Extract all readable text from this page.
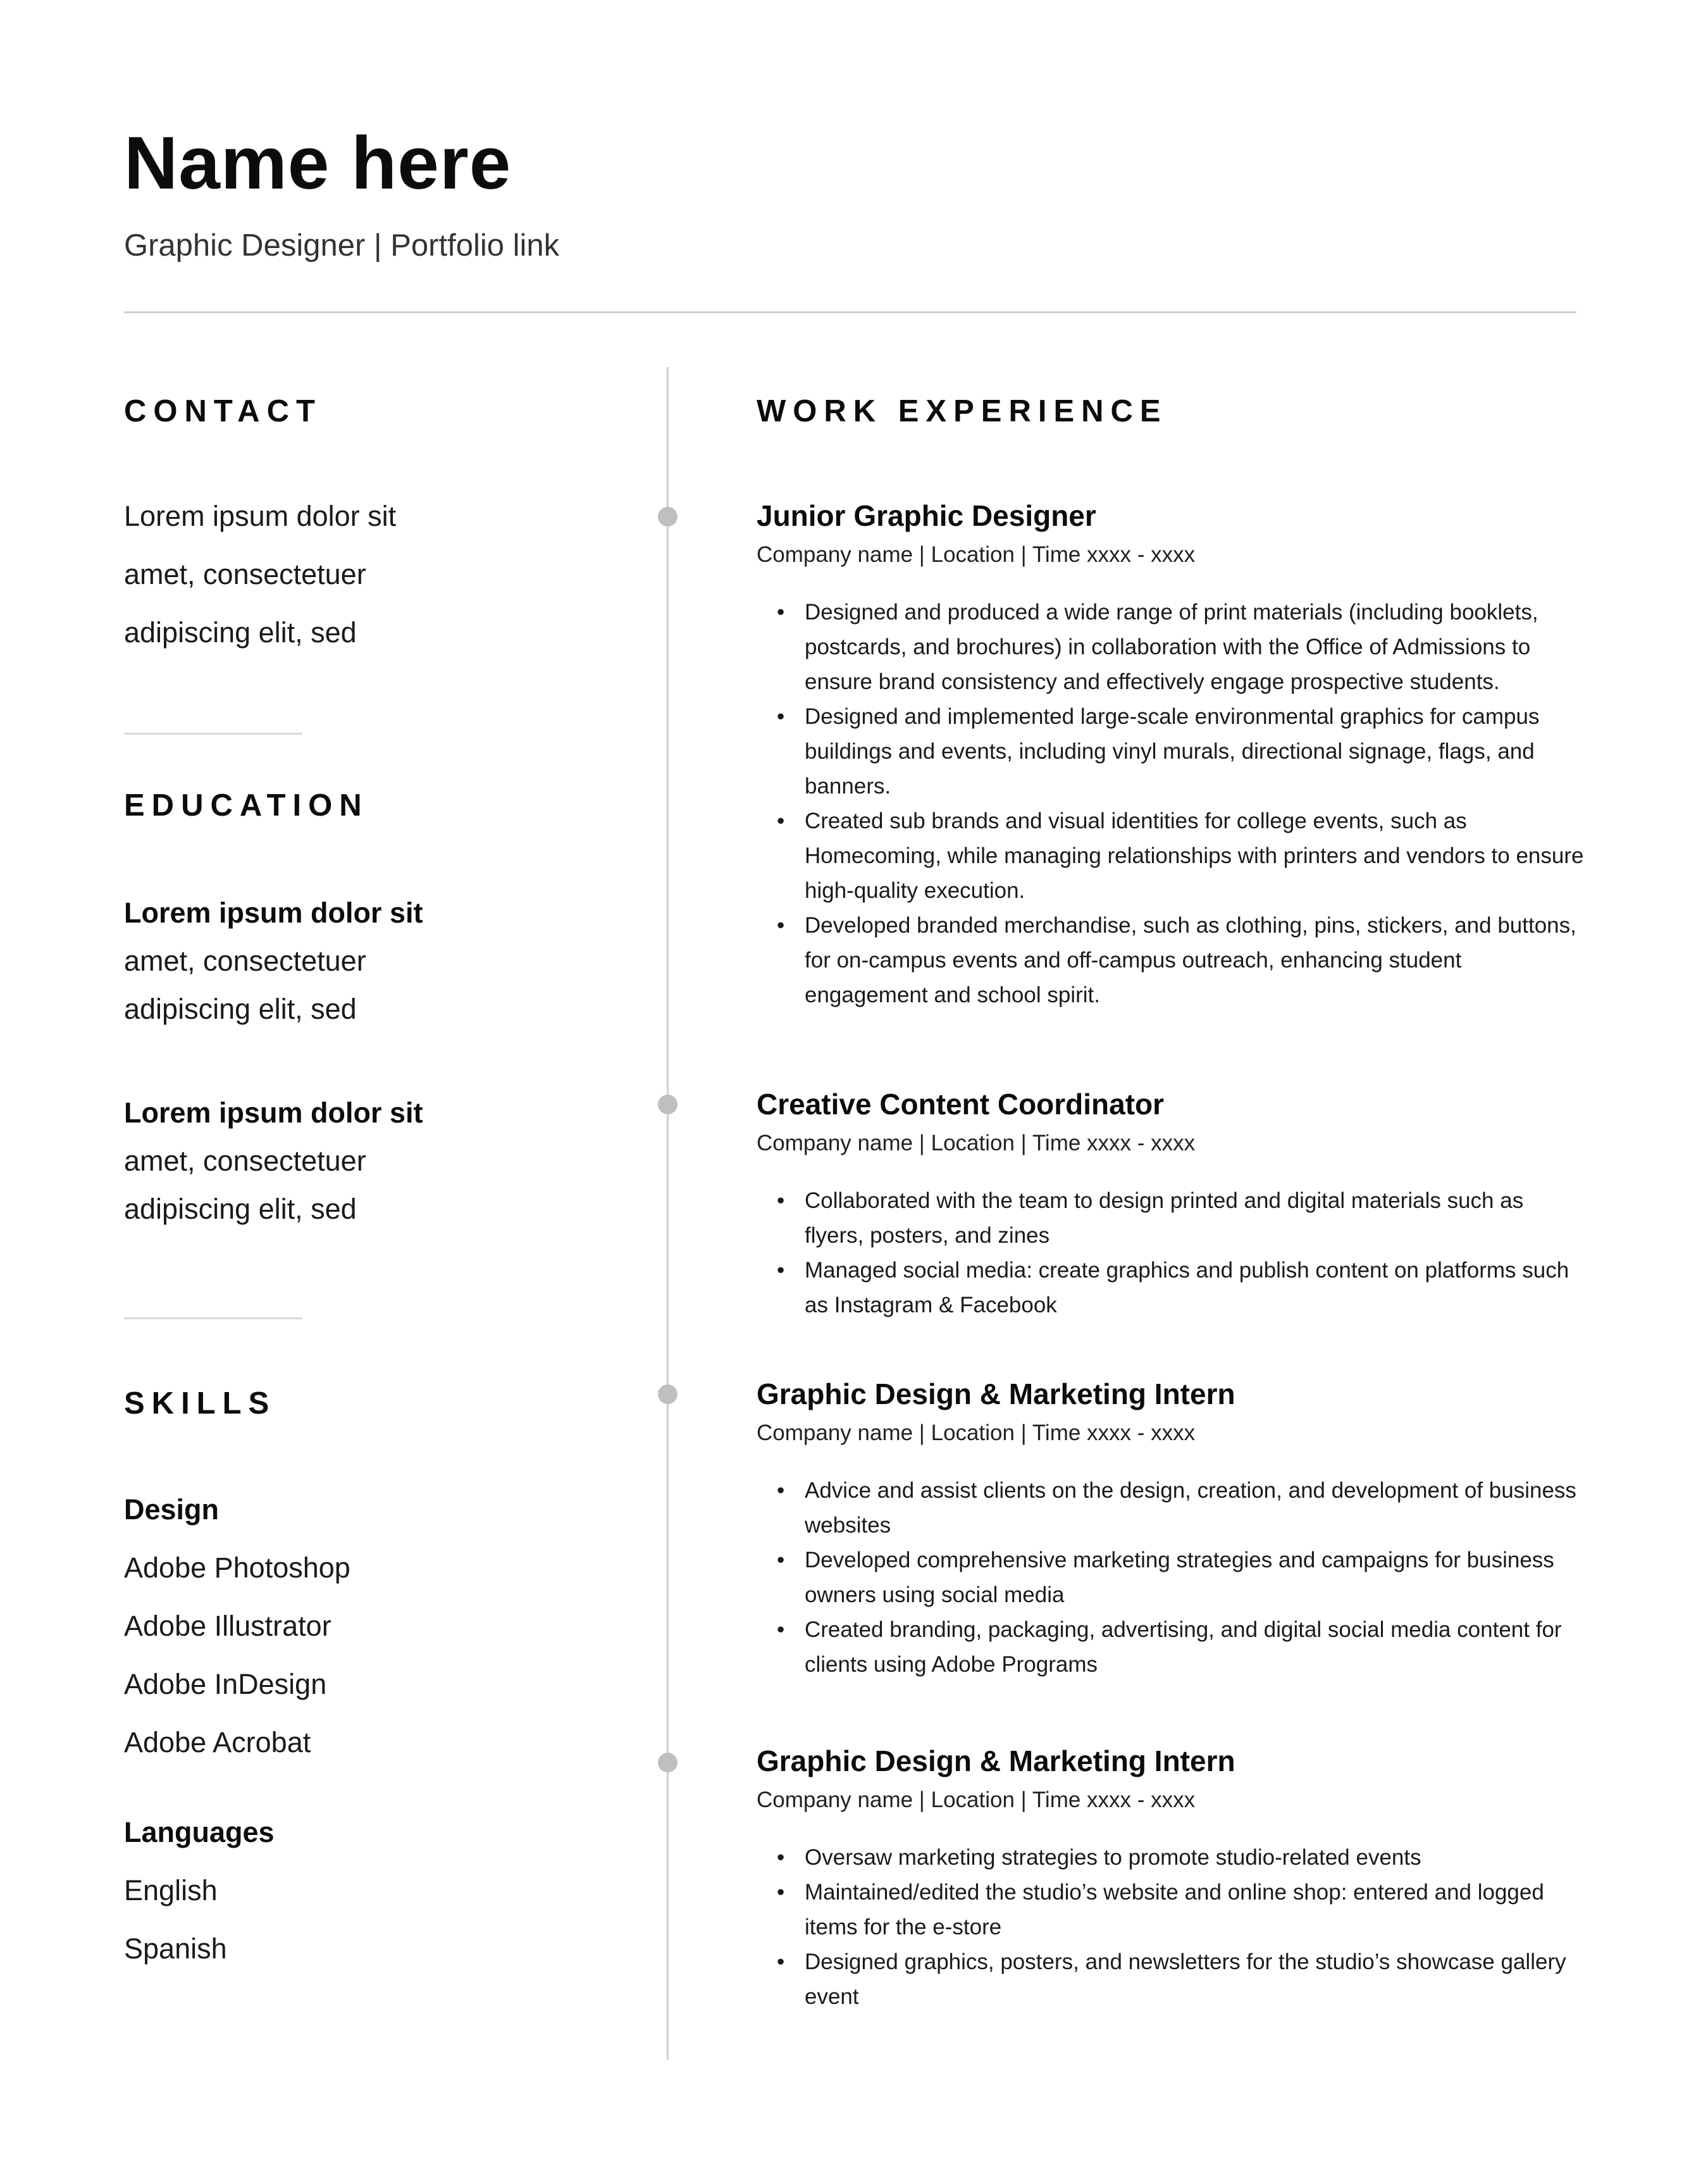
Name here
Graphic Designer | Portfolio link
CONTACT
Lorem ipsum dolor sit
amet, consectetuer
adipiscing elit, sed
EDUCATION
Lorem ipsum dolor sit
amet, consectetuer
adipiscing elit, sed
Lorem ipsum dolor sit
amet, consectetuer
adipiscing elit, sed
SKILLS
Design
Adobe Photoshop
Adobe Illustrator
Adobe InDesign
Adobe Acrobat
Languages
English
Spanish
WORK EXPERIENCE
Junior Graphic Designer
Company name | Location | Time xxxx - xxxx
• Designed and produced a wide range of print materials (including booklets, postcards, and brochures) in collaboration with the Office of Admissions to ensure brand consistency and effectively engage prospective students.
• Designed and implemented large-scale environmental graphics for campus buildings and events, including vinyl murals, directional signage, flags, and banners.
• Created sub brands and visual identities for college events, such as Homecoming, while managing relationships with printers and vendors to ensure high-quality execution.
• Developed branded merchandise, such as clothing, pins, stickers, and buttons, for on-campus events and off-campus outreach, enhancing student engagement and school spirit.
Creative Content Coordinator
Company name | Location | Time xxxx - xxxx
• Collaborated with the team to design printed and digital materials such as flyers, posters, and zines
• Managed social media: create graphics and publish content on platforms such as Instagram & Facebook
Graphic Design & Marketing Intern
Company name | Location | Time xxxx - xxxx
• Advice and assist clients on the design, creation, and development of business websites
• Developed comprehensive marketing strategies and campaigns for business owners using social media
• Created branding, packaging, advertising, and digital social media content for clients using Adobe Programs
Graphic Design & Marketing Intern
Company name | Location | Time xxxx - xxxx
• Oversaw marketing strategies to promote studio-related events
• Maintained/edited the studio’s website and online shop: entered and logged items for the e-store
• Designed graphics, posters, and newsletters for the studio’s showcase gallery event
